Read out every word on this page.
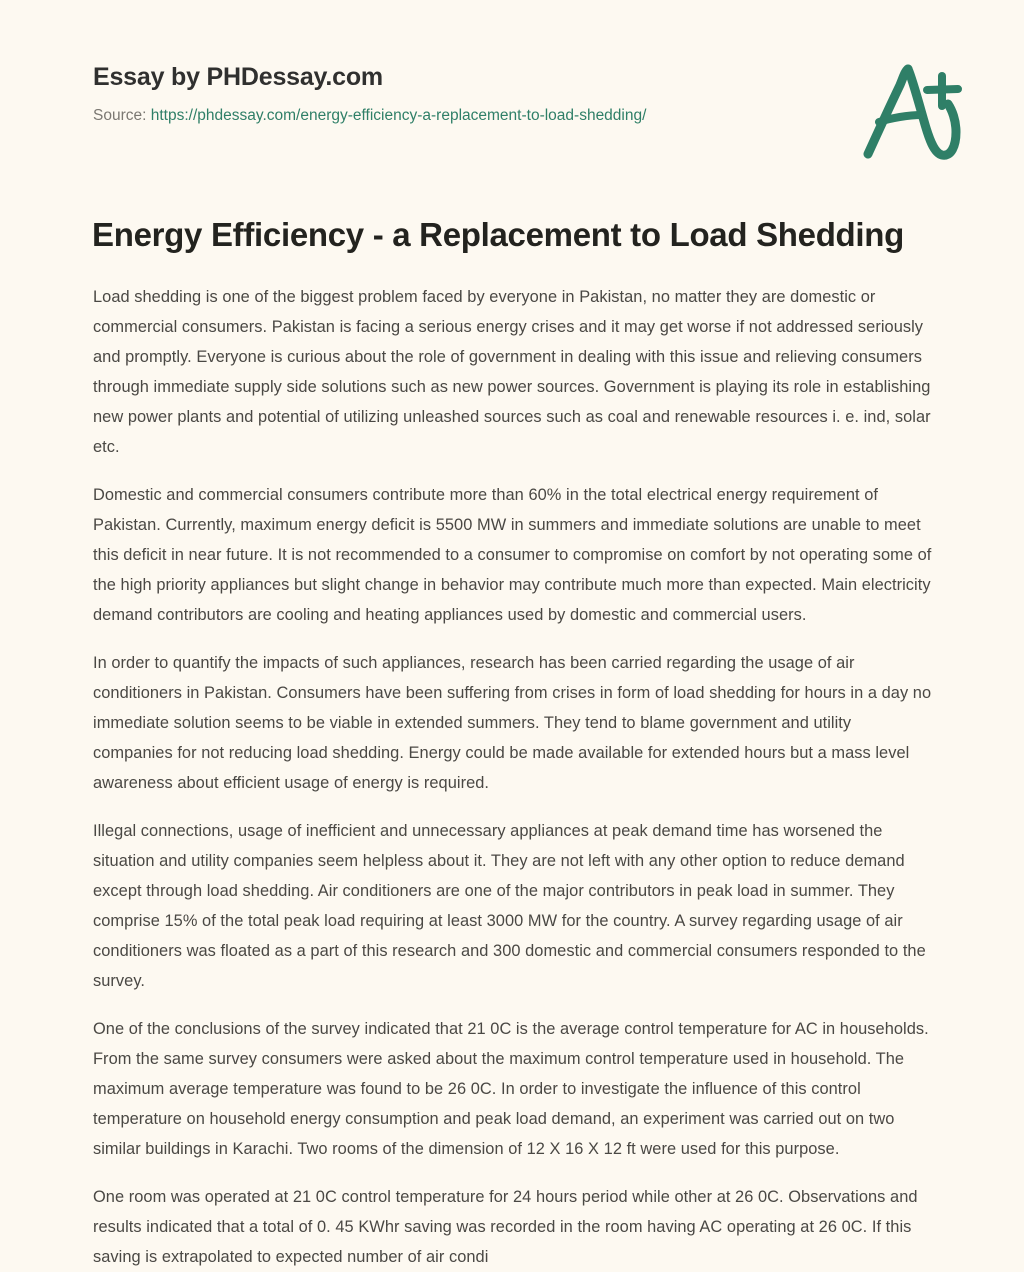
Essay by PHDessay.com
Source: https://phdessay.com/energy-efficiency-a-replacement-to-load-shedding/
Energy Efficiency - a Replacement to Load Shedding

Load shedding is one of the biggest problem faced by everyone in Pakistan, no matter they are domestic or commercial consumers. Pakistan is facing a serious energy crises and it may get worse if not addressed seriously and promptly. Everyone is curious about the role of government in dealing with this issue and relieving consumers through immediate supply side solutions such as new power sources. Government is playing its role in establishing new power plants and potential of utilizing unleashed sources such as coal and renewable resources i. e. ind, solar etc.

Domestic and commercial consumers contribute more than 60% in the total electrical energy requirement of Pakistan. Currently, maximum energy deficit is 5500 MW in summers and immediate solutions are unable to meet this deficit in near future. It is not recommended to a consumer to compromise on comfort by not operating some of the high priority appliances but slight change in behavior may contribute much more than expected. Main electricity demand contributors are cooling and heating appliances used by domestic and commercial users.

In order to quantify the impacts of such appliances, research has been carried regarding the usage of air conditioners in Pakistan. Consumers have been suffering from crises in form of load shedding for hours in a day no immediate solution seems to be viable in extended summers. They tend to blame government and utility companies for not reducing load shedding. Energy could be made available for extended hours but a mass level awareness about efficient usage of energy is required.

Illegal connections, usage of inefficient and unnecessary appliances at peak demand time has worsened the situation and utility companies seem helpless about it. They are not left with any other option to reduce demand except through load shedding. Air conditioners are one of the major contributors in peak load in summer. They comprise 15% of the total peak load requiring at least 3000 MW for the country. A survey regarding usage of air conditioners was floated as a part of this research and 300 domestic and commercial consumers responded to the survey.

One of the conclusions of the survey indicated that 21 0C is the average control temperature for AC in households. From the same survey consumers were asked about the maximum control temperature used in household. The maximum average temperature was found to be 26 0C. In order to investigate the influence of this control temperature on household energy consumption and peak load demand, an experiment was carried out on two similar buildings in Karachi. Two rooms of the dimension of 12 X 16 X 12 ft were used for this purpose.

One room was operated at 21 0C control temperature for 24 hours period while other at 26 0C. Observations and results indicated that a total of 0. 45 KWhr saving was recorded in the room having AC operating at 26 0C. If this saving is extrapolated to expected number of air condi
